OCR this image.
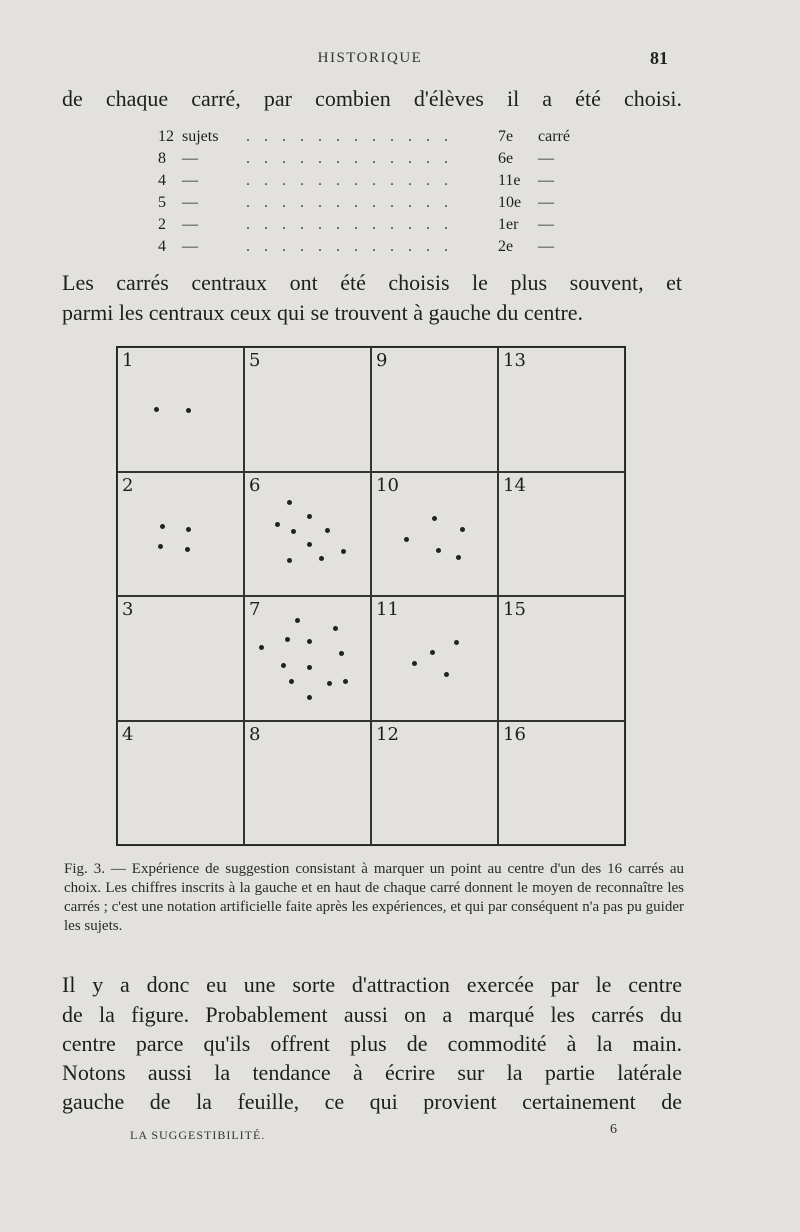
HISTORIQUE	81
de chaque carré, par combien d'élèves il a été choisi.
12 sujets	. . . . . . . . . . . .	7e	carré
8	—	. . . . . . . . . . . .	6e	—
4	—	. . . . . . . . . . . .	11e	—
5	—	. . . . . . . . . . . .	10e	—
2	—	. . . . . . . . . . . .	1er	—
4	—	. . . . . . . . . . . .	2e	—
Les carrés centraux ont été choisis le plus souvent, et
parmi les centraux ceux qui se trouvent à gauche du centre.
1	5	9	13
2	6	10	14
3	7	11	15
4	8	12	16

Fig. 3. — Expérience de suggestion consistant à marquer un point au centre d'un des 16 carrés au choix. Les chiffres inscrits à la gauche et en haut de chaque carré donnent le moyen de reconnaître les carrés ; c'est une notation artificielle faite après les expériences, et qui par conséquent n'a pas pu guider les sujets.

Il y a donc eu une sorte d'attraction exercée par le centre
de la figure. Probablement aussi on a marqué les carrés du
centre parce qu'ils offrent plus de commodité à la main.
Notons aussi la tendance à écrire sur la partie latérale
gauche de la feuille, ce qui provient certainement de
LA SUGGESTIBILITÉ.	6
